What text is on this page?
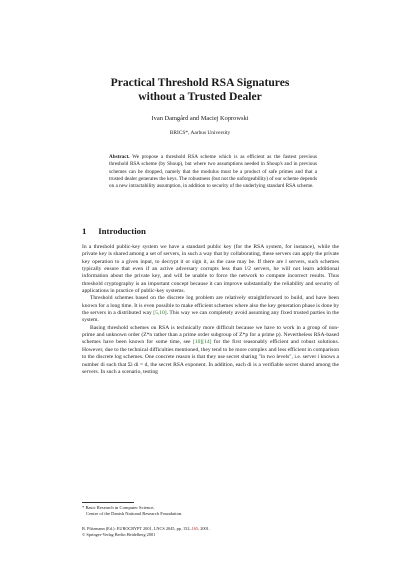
Practical Threshold RSA Signatures
without a Trusted Dealer
Ivan Damgård and Maciej Koprowski
BRICS*, Aarhus University
Abstract. We propose a threshold RSA scheme which is as efficient as the fastest previous threshold RSA scheme (by Shoup), but where two assumptions needed in Shoup's and in previous schemes can be dropped, namely that the modulus must be a product of safe primes and that a trusted dealer generates the keys. The robustness (but not the unforgeability) of our scheme depends on a new intractability assumption, in addition to security of the underlying standard RSA scheme.
1 Introduction

In a threshold public-key system we have a standard public key (for the RSA system, for instance), while the private key is shared among a set of servers, in such a way that by collaborating, these servers can apply the private key operation to a given input, to decrypt it or sign it, as the case may be. If there are l servers, such schemes typically ensure that even if an active adversary corrupts less than l/2 servers, he will not learn additional information about the private key, and will be unable to force the network to compute incorrect results. Thus threshold cryptography is an important concept because it can improve substantially the reliability and security of applications in practice of public-key systems.

Threshold schemes based on the discrete log problem are relatively straightforward to build, and have been known for a long time. It is even possible to make efficient schemes where also the key generation phase is done by the servers in a distributed way [5,10]. This way we can completely avoid assuming any fixed trusted parties in the system.

Basing threshold schemes on RSA is technically more difficult because we have to work in a group of non-prime and unknown order (Z*n rather than a prime order subgroup of Z*p for a prime p). Nevertheless RSA-based schemes have been known for some time, see [10][14] for the first reasonably efficient and robust solutions. However, due to the technical difficulties mentioned, they tend to be more complex and less efficient in comparison to the discrete log schemes. One concrete reason is that they use secret sharing "in two levels", i.e. server i knows a number di such that Σi di = d, the secret RSA exponent. In addition, each di is a verifiable secret shared among the servers. In such a scenario, testing

* Basic Research in Computer Science,
Centre of the Danish National Research Foundation.
B. Pfitzmann (Ed.): EUROCRYPT 2001, LNCS 2045, pp. 152–165, 2001.
© Springer-Verlag Berlin Heidelberg 2001
